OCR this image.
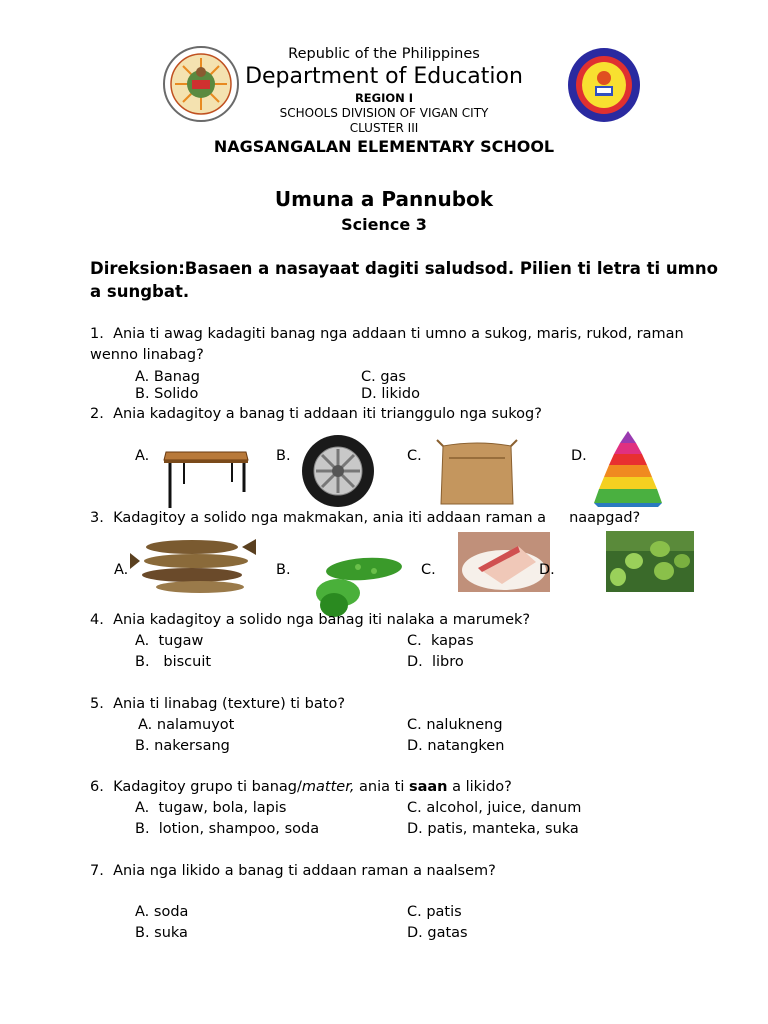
Republic of the Philippines
Department of Education
REGION I
SCHOOLS DIVISION OF VIGAN CITY
CLUSTER III
NAGSANGALAN ELEMENTARY SCHOOL
Umuna a Pannubok
Science 3
Direksion:Basaen a nasayaat dagiti saludsod. Pilien ti letra ti umno a sungbat.
1. Ania ti awag kadagiti banag nga addaan ti umno a sukog, maris, rukod, raman wenno linabag?
A. Banag
B. Solido
C. gas
D. likido
2. Ania kadagitoy a banag ti addaan iti trianggulo nga sukog?
A.	B.	C.	D.
3. Kadagitoy a solido nga makmakan, ania iti addaan raman a naapgad?
A.	B.	C.	D.
4. Ania kadagitoy a solido nga banag iti nalaka a marumek?
A. tugaw
B. biscuit
C. kapas
D. libro
5. Ania ti linabag (texture) ti bato?
A. nalamuyot
B. nakersang
C. nalukneng
D. natangken
6. Kadagitoy grupo ti banag/matter, ania ti saan a likido?
A. tugaw, bola, lapis
B. lotion, shampoo, soda
C. alcohol, juice, danum
D. patis, manteka, suka
7. Ania nga likido a banag ti addaan raman a naalsem?
A. soda
B. suka
C. patis
D. gatas
